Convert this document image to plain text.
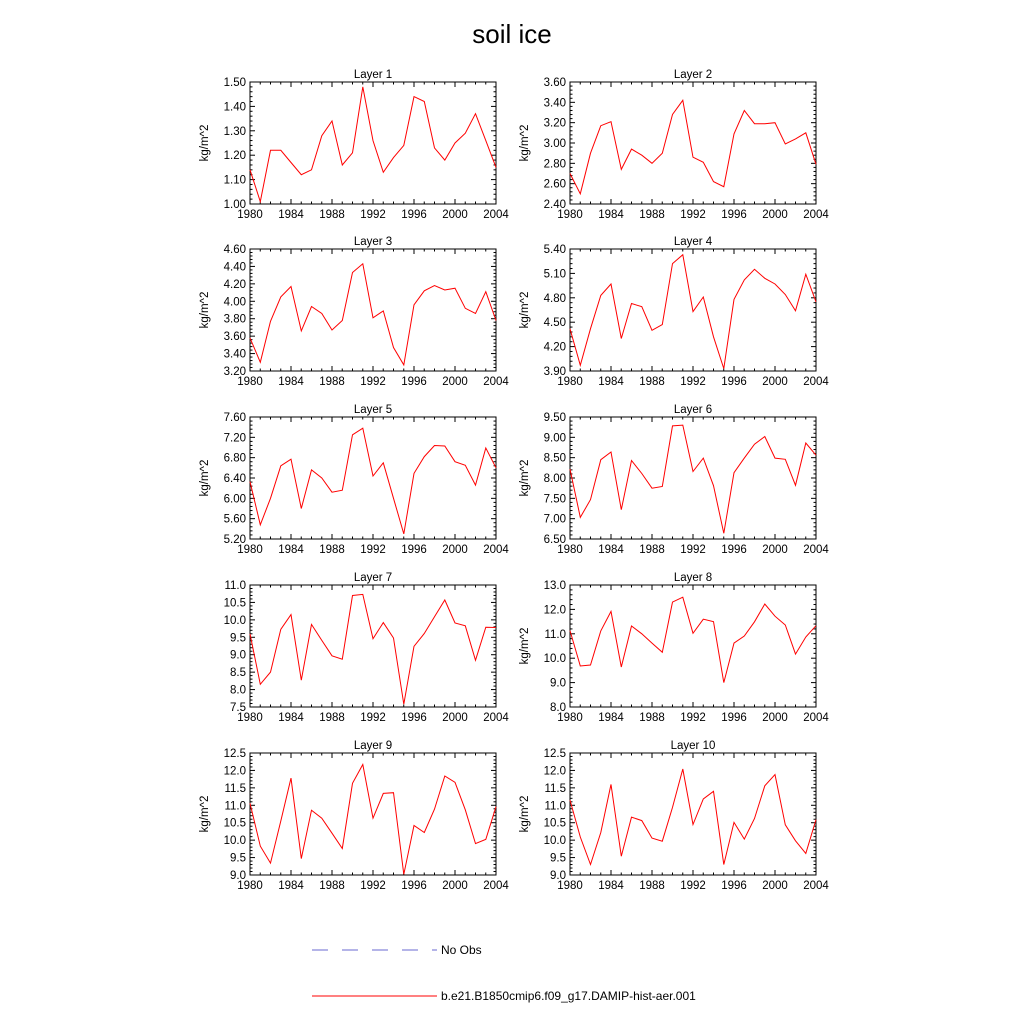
soil ice
Layer 1
1980 1984 1988 1992 1996 2000 2004
1.00
1.10
1.20
1.30
1.40
1.50
kg/m^2
Layer 2
1980 1984 1988 1992 1996 2000 2004
2.40
2.60
2.80
3.00
3.20
3.40
3.60
kg/m^2
Layer 3
1980 1984 1988 1992 1996 2000 2004
3.20
3.40
3.60
3.80
4.00
4.20
4.40
4.60
kg/m^2
Layer 4
1980 1984 1988 1992 1996 2000 2004
3.90
4.20
4.50
4.80
5.10
5.40
kg/m^2
Layer 5
1980 1984 1988 1992 1996 2000 2004
5.20
5.60
6.00
6.40
6.80
7.20
7.60
kg/m^2
Layer 6
1980 1984 1988 1992 1996 2000 2004
6.50
7.00
7.50
8.00
8.50
9.00
9.50
kg/m^2
Layer 7
1980 1984 1988 1992 1996 2000 2004
7.5
8.0
8.5
9.0
9.5
10.0
10.5
11.0
Layer 8
1980 1984 1988 1992 1996 2000 2004
8.0
9.0
10.0
11.0
12.0
13.0
kg/m^2
Layer 9
1980 1984 1988 1992 1996 2000 2004
9.0
9.5
10.0
10.5
11.0
11.5
12.0
12.5
kg/m^2
Layer 10
1980 1984 1988 1992 1996 2000 2004
9.0
9.5
10.0
10.5
11.0
11.5
12.0
12.5
kg/m^2
No Obs
b.e21.B1850cmip6.f09_g17.DAMIP-hist-aer.001
